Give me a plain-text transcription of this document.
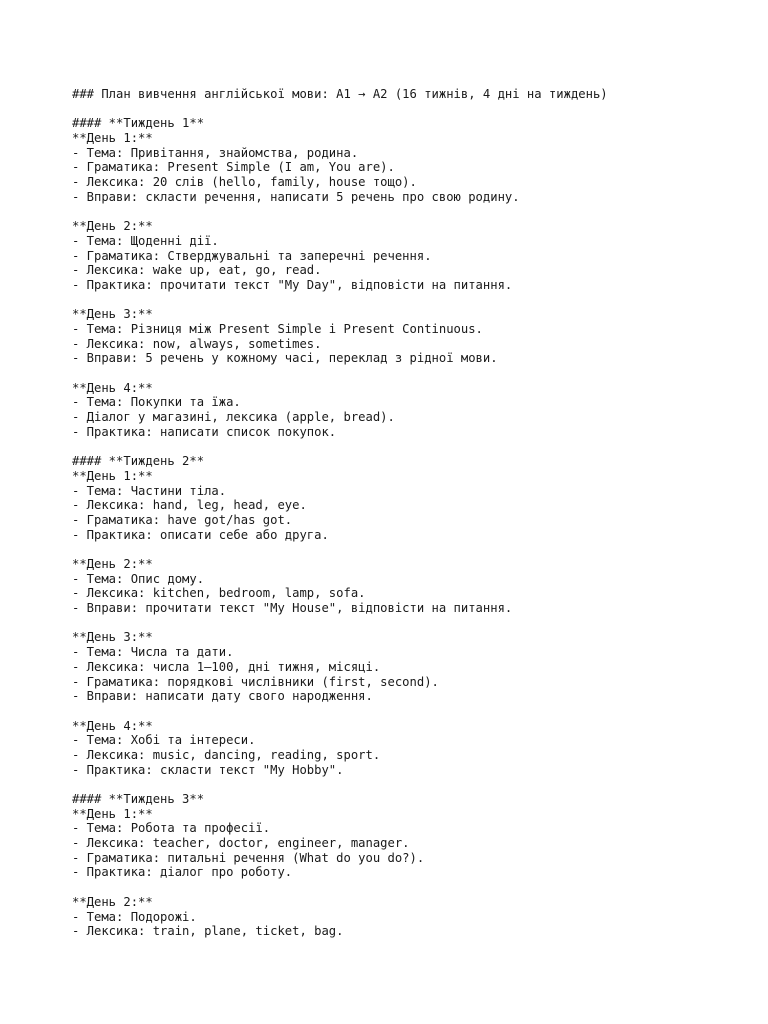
### План вивчення англійської мови: A1 → A2 (16 тижнів, 4 дні на тиждень)
#### **Тиждень 1**
**День 1:**
- Тема: Привітання, знайомства, родина.
- Граматика: Present Simple (I am, You are).
- Лексика: 20 слів (hello, family, house тощо).
- Вправи: скласти речення, написати 5 речень про свою родину.
**День 2:**
- Тема: Щоденні дії.
- Граматика: Стверджувальні та заперечні речення.
- Лексика: wake up, eat, go, read.
- Практика: прочитати текст "My Day", відповісти на питання.
**День 3:**
- Тема: Різниця між Present Simple і Present Continuous.
- Лексика: now, always, sometimes.
- Вправи: 5 речень у кожному часі, переклад з рідної мови.
**День 4:**
- Тема: Покупки та їжа.
- Діалог у магазині, лексика (apple, bread).
- Практика: написати список покупок.
#### **Тиждень 2**
**День 1:**
- Тема: Частини тіла.
- Лексика: hand, leg, head, eye.
- Граматика: have got/has got.
- Практика: описати себе або друга.
**День 2:**
- Тема: Опис дому.
- Лексика: kitchen, bedroom, lamp, sofa.
- Вправи: прочитати текст "My House", відповісти на питання.
**День 3:**
- Тема: Числа та дати.
- Лексика: числа 1–100, дні тижня, місяці.
- Граматика: порядкові числівники (first, second).
- Вправи: написати дату свого народження.
**День 4:**
- Тема: Хобі та інтереси.
- Лексика: music, dancing, reading, sport.
- Практика: скласти текст "My Hobby".
#### **Тиждень 3**
**День 1:**
- Тема: Робота та професії.
- Лексика: teacher, doctor, engineer, manager.
- Граматика: питальні речення (What do you do?).
- Практика: діалог про роботу.
**День 2:**
- Тема: Подорожі.
- Лексика: train, plane, ticket, bag.
